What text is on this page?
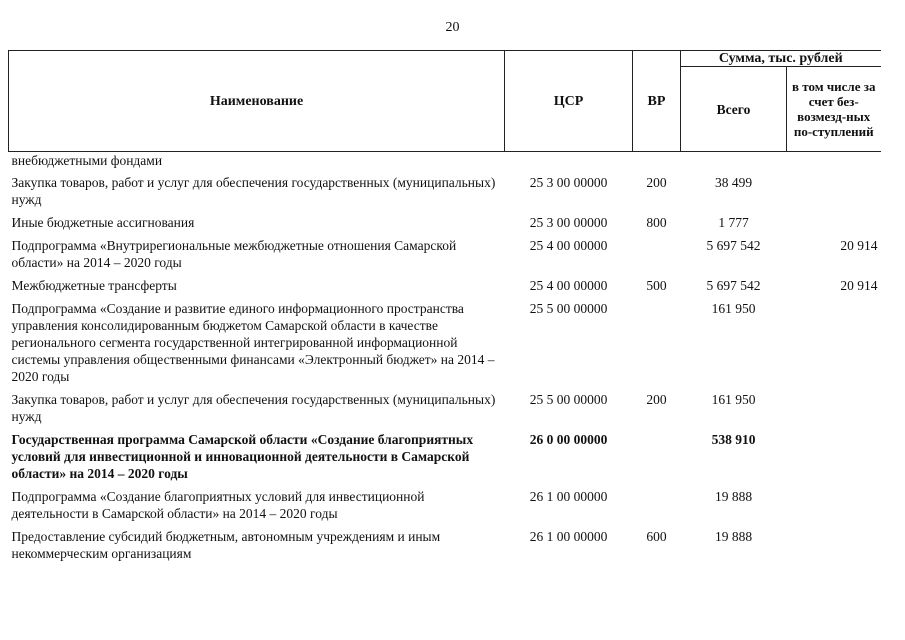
20
Наименование	ЦСР	ВР	Сумма, тыс. рублей	
			Всего	в том числе за счет без-возмезд-ных по-ступлений
внебюджетными фондами				
Закупка товаров, работ и услуг для обеспечения государственных (муниципальных) нужд	25 3 00 00000	200	38 499	
Иные бюджетные ассигнования	25 3 00 00000	800	1 777	
Подпрограмма «Внутрирегиональные межбюджетные отношения Самарской области» на 2014 – 2020 годы	25 4 00 00000		5 697 542	20 914
Межбюджетные трансферты	25 4 00 00000	500	5 697 542	20 914
Подпрограмма «Создание и развитие единого информационного пространства управления консолидированным бюджетом Самарской области в качестве регионального сегмента государственной интегрированной информационной системы управления общественными финансами «Электронный бюджет» на 2014 – 2020 годы	25 5 00 00000		161 950	
Закупка товаров, работ и услуг для обеспечения государственных (муниципальных) нужд	25 5 00 00000	200	161 950	
Государственная программа Самарской области «Создание благоприятных условий для инвестиционной и инновационной деятельности в Самарской области» на 2014 – 2020 годы	26 0 00 00000		538 910	
Подпрограмма «Создание благоприятных условий для инвестиционной деятельности в Самарской области» на 2014 – 2020 годы	26 1 00 00000		19 888	
Предоставление субсидий бюджетным, автономным учреждениям и иным некоммерческим организациям	26 1 00 00000	600	19 888	
